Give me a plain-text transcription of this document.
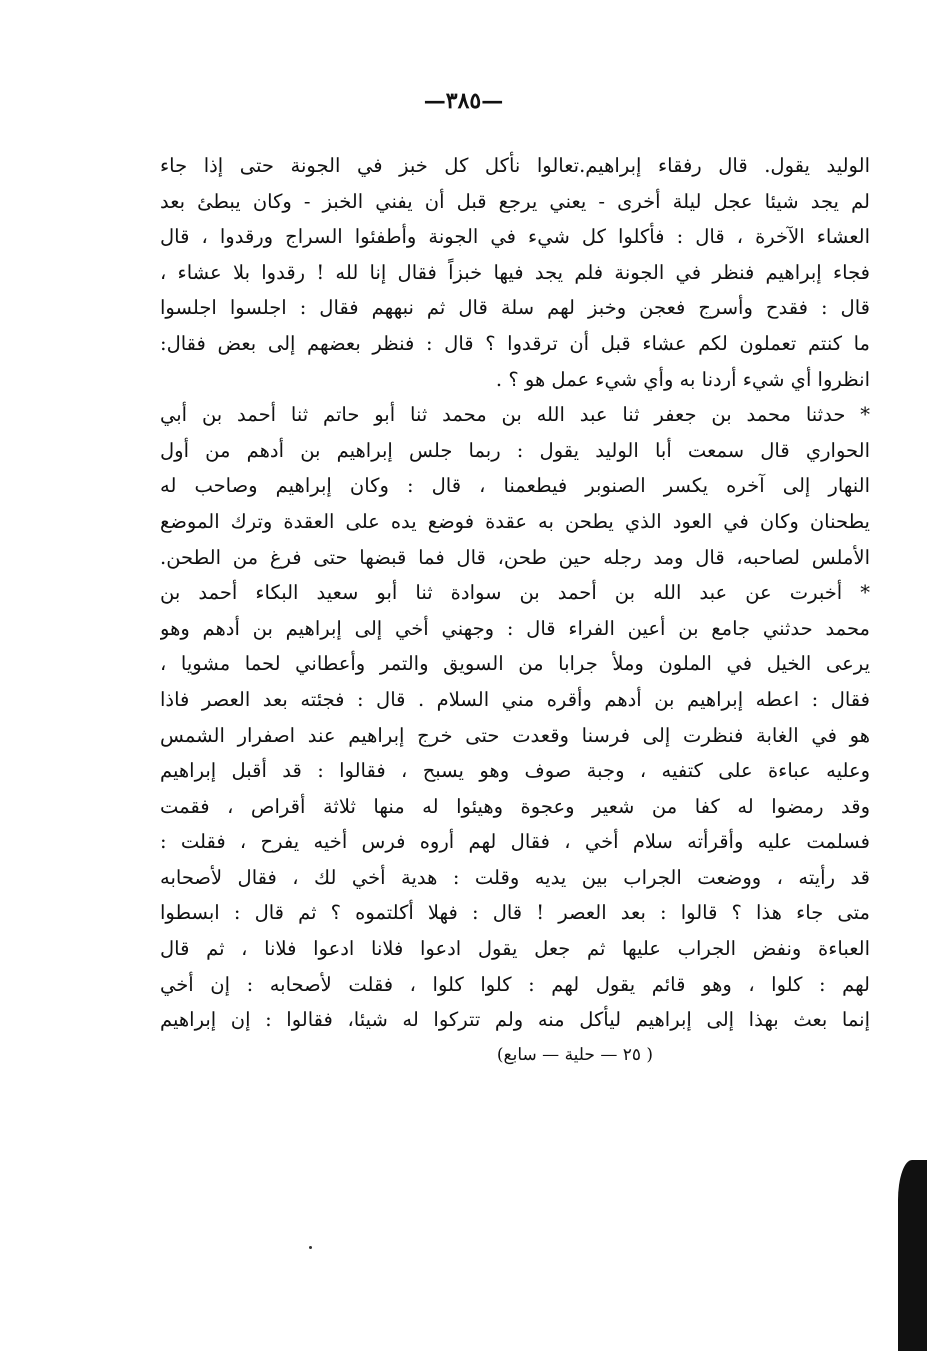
—٣٨٥—
الوليد يقول. قال رفقاء إبراهيم.تعالوا نأكل كل خبز في الجونة حتى إذا جاء
لم يجد شيئا عجل ليلة أخرى - يعني يرجع قبل أن يفني الخبز - وكان يبطئ بعد
العشاء الآخرة ، قال : فأكلوا كل شيء في الجونة وأطفئوا السراج ورقدوا ، قال
فجاء إبراهيم فنظر في الجونة فلم يجد فيها خبزاً فقال إنا لله ! رقدوا بلا عشاء ،
قال : فقدح وأسرج فعجن وخبز لهم سلة قال ثم نبههم فقال : اجلسوا اجلسوا
ما كنتم تعملون لكم عشاء قبل أن ترقدوا ؟ قال : فنظر بعضهم إلى بعض فقال:
انظروا أي شيء أردنا به وأي شيء عمل هو ؟ .
* حدثنا محمد بن جعفر ثنا عبد الله بن محمد ثنا أبو حاتم ثنا أحمد بن أبي
الحواري قال سمعت أبا الوليد يقول : ربما جلس إبراهيم بن أدهم من أول
النهار إلى آخره يكسر الصنوبر فيطعمنا ، قال : وكان إبراهيم وصاحب له
يطحنان وكان في العود الذي يطحن به عقدة فوضع يده على العقدة وترك الموضع
الأملس لصاحبه، قال ومد رجله حين طحن، قال فما قبضها حتى فرغ من الطحن.
* أخبرت عن عبد الله بن أحمد بن سوادة ثنا أبو سعيد البكاء أحمد بن
محمد حدثني جامع بن أعين الفراء قال : وجهني أخي إلى إبراهيم بن أدهم وهو
يرعى الخيل في الملون وملأ جرابا من السويق والتمر وأعطاني لحما مشويا ،
فقال : اعطه إبراهيم بن أدهم وأقره مني السلام . قال : فجئته بعد العصر فاذا
هو في الغابة فنظرت إلى فرسنا وقعدت حتى خرج إبراهيم عند اصفرار الشمس
وعليه عباءة على كتفيه ، وجبة صوف وهو يسبح ، فقالوا : قد أقبل إبراهيم
وقد رمضوا له كفا من شعير وعجوة وهيئوا له منها ثلاثة أقراص ، فقمت
فسلمت عليه وأقرأته سلام أخي ، فقال لهم أروه فرس أخيه يفرح ، فقلت :
قد رأيته ، ووضعت الجراب بين يديه وقلت : هدية أخي لك ، فقال لأصحابه
متى جاء هذا ؟ قالوا : بعد العصر ! قال : فهلا أكلتموه ؟ ثم قال : ابسطوا
العباءة ونفض الجراب عليها ثم جعل يقول ادعوا فلانا ادعوا فلانا ، ثم قال
لهم : كلوا ، وهو قائم يقول لهم : كلوا كلوا ، فقلت لأصحابه : إن أخي
إنما بعث بهذا إلى إبراهيم ليأكل منه ولم تتركوا له شيئا، فقالوا : إن إبراهيم
( ٢٥ — حلية — سابع)
